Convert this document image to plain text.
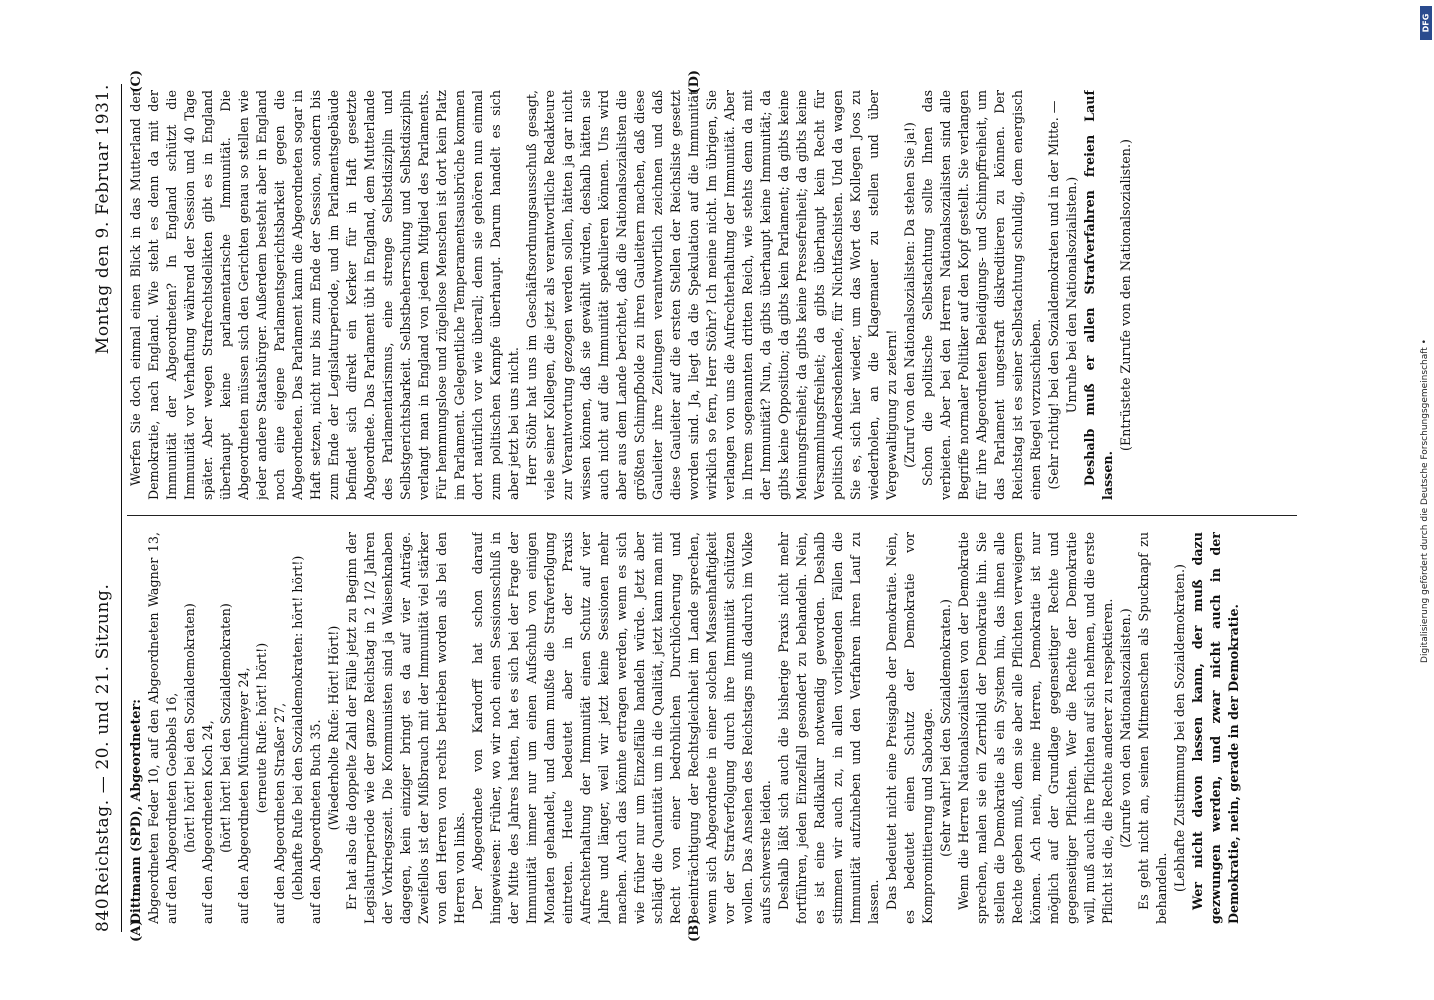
Digitalisierung gefördert durch die Deutsche Forschungsgemeinschaft •
DFG
840
Reichstag. — 20. und 21. Sitzung.
Montag den 9. Februar 1931.
(A)	(B)
(C)	(D)

Dittmann (SPD), Abgeordneter: Abgeordneten Feder 10, auf den Abgeordneten Wagner 13, auf den Abgeordneten Goebbels 16, (hört! hört! bei den Sozialdemokraten) auf den Abgeordneten Koch 24, (hört! hört! bei den Sozialdemokraten) auf den Abgeordneten Münchmeyer 24, (erneute Rufe: hört! hört!) auf den Abgeordneten Straßer 27, (lebhafte Rufe bei den Sozialdemokraten: hört! hört!) auf den Abgeordneten Buch 35. (Wiederholte Rufe: Hört! Hört!) Er hat also die doppelte Zahl der Fälle jetzt zu Beginn der Legislaturperiode wie der ganze Reichstag in 2 1/2 Jahren der Vorkriegszeit. Die Kommunisten sind ja Waisenknaben dagegen, kein einziger bringt es da auf vier Anträge. Zweifellos ist der Mißbrauch mit der Immunität viel stärker von den Herren von rechts betrieben worden als bei den Herren von links. Der Abgeordnete von Kardorff hat schon darauf hingewiesen: Früher, wo wir noch einen Sessionsschluß in der Mitte des Jahres hatten, hat es sich bei der Frage der Immunität immer nur um einen Aufschub von einigen Monaten gehandelt, und dann mußte die Strafverfolgung eintreten. Heute bedeutet aber in der Praxis Aufrechterhaltung der Immunität einen Schutz auf vier Jahre und länger, weil wir jetzt keine Sessionen mehr machen. Auch das könnte ertragen werden, wenn es sich wie früher nur um Einzelfälle handeln würde. Jetzt aber schlägt die Quantität um in die Qualität, jetzt kann man mit Recht von einer bedrohlichen Durchlöcherung und Beeinträchtigung der Rechtsgleichheit im Lande sprechen, wenn sich Abgeordnete in einer solchen Massenhaftigkeit vor der Strafverfolgung durch ihre Immunität schützen wollen. Das Ansehen des Reichstags muß dadurch im Volke aufs schwerste leiden. Deshalb läßt sich auch die bisherige Praxis nicht mehr fortführen, jeden Einzelfall gesondert zu behandeln. Nein, es ist eine Radikalkur notwendig geworden. Deshalb stimmen wir auch zu, in allen vorliegenden Fällen die Immunität aufzuheben und den Verfahren ihren Lauf zu lassen. Das bedeutet nicht eine Preisgabe der Demokratie. Nein, es bedeutet einen Schutz der Demokratie vor Kompromittierung und Sabotage. (Sehr wahr! bei den Sozialdemokraten.) Wenn die Herren Nationalsozialisten von der Demokratie sprechen, malen sie ein Zerrbild der Demokratie hin. Sie stellen die Demokratie als ein System hin, das ihnen alle Rechte geben muß, dem sie aber alle Pflichten verweigern können. Ach nein, meine Herren, Demokratie ist nur möglich auf der Grundlage gegenseitiger Rechte und gegenseitiger Pflichten. Wer die Rechte der Demokratie will, muß auch ihre Pflichten auf sich nehmen, und die erste Pflicht ist die, die Rechte anderer zu respektieren. (Zurufe von den Nationalsozialisten.) Es geht nicht an, seinen Mitmenschen als Spucknapf zu behandeln. (Lebhafte Zustimmung bei den Sozialdemokraten.) Wer nicht davon lassen kann, der muß dazu gezwungen werden, und zwar nicht auch in der Demokratie, nein, gerade in der Demokratie.

Werfen Sie doch einmal einen Blick in das Mutterland der Demokratie, nach England. Wie steht es denn da mit der Immunität der Abgeordneten? In England schützt die Immunität vor Verhaftung während der Session und 40 Tage später. Aber wegen Strafrechtsdelikten gibt es in England überhaupt keine parlamentarische Immunität. Die Abgeordneten müssen sich den Gerichten genau so stellen wie jeder andere Staatsbürger. Außerdem besteht aber in England noch eine eigene Parlamentsgerichtsbarkeit gegen die Abgeordneten. Das Parlament kann die Abgeordneten sogar in Haft setzen, nicht nur bis zum Ende der Session, sondern bis zum Ende der Legislaturperiode, und im Parlamentsgebäude befindet sich direkt ein Kerker für in Haft gesetzte Abgeordnete. Das Parlament übt in England, dem Mutterlande des Parlamentarismus, eine strenge Selbstdisziplin und Selbstgerichtsbarkeit. Selbstbeherrschung und Selbstdisziplin verlangt man in England von jedem Mitglied des Parlaments. Für hemmungslose und zügellose Menschen ist dort kein Platz im Parlament. Gelegentliche Temperamentsausbrüche kommen dort natürlich vor wie überall; denn sie gehören nun einmal zum politischen Kampfe überhaupt. Darum handelt es sich aber jetzt bei uns nicht. Herr Stöhr hat uns im Geschäftsordnungsausschuß gesagt, viele seiner Kollegen, die jetzt als verantwortliche Redakteure zur Verantwortung gezogen werden sollen, hätten ja gar nicht wissen können, daß sie gewählt würden, deshalb hätten sie auch nicht auf die Immunität spekulieren können. Uns wird aber aus dem Lande berichtet, daß die Nationalsozialisten die größten Schimpfbolde zu ihren Gauleitern machen, daß diese Gauleiter ihre Zeitungen verantwortlich zeichnen und daß diese Gauleiter auf die ersten Stellen der Reichsliste gesetzt worden sind. Ja, liegt da die Spekulation auf die Immunität wirklich so fern, Herr Stöhr? Ich meine nicht. Im übrigen, Sie verlangen von uns die Aufrechterhaltung der Immunität. Aber in Ihrem sogenannten dritten Reich, wie stehts denn da mit der Immunität? Nun, da gibts überhaupt keine Immunität; da gibts keine Opposition; da gibts kein Parlament; da gibts keine Meinungsfreiheit; da gibts keine Pressefreiheit; da gibts keine Versammlungsfreiheit; da gibts überhaupt kein Recht für politisch Andersdenkende, für Nichtfaschisten. Und da wagen Sie es, sich hier wieder, um das Wort des Kollegen Joos zu wiederholen, an die Klagemauer zu stellen und über Vergewaltigung zu zetern! (Zuruf von den Nationalsozialisten: Da stehen Sie ja!) Schon die politische Selbstachtung sollte Ihnen das verbieten. Aber bei den Herren Nationalsozialisten sind alle Begriffe normaler Politiker auf den Kopf gestellt. Sie verlangen für ihre Abgeordneten Beleidigungs- und Schimpffreiheit, um das Parlament ungestraft diskreditieren zu können. Der Reichstag ist es seiner Selbstachtung schuldig, dem energisch einen Riegel vorzuschieben. (Sehr richtig! bei den Sozialdemokraten und in der Mitte. — Unruhe bei den Nationalsozialisten.) Deshalb muß er allen Strafverfahren freien Lauf lassen.

(Entrüstete Zurufe von den Nationalsozialisten.)
